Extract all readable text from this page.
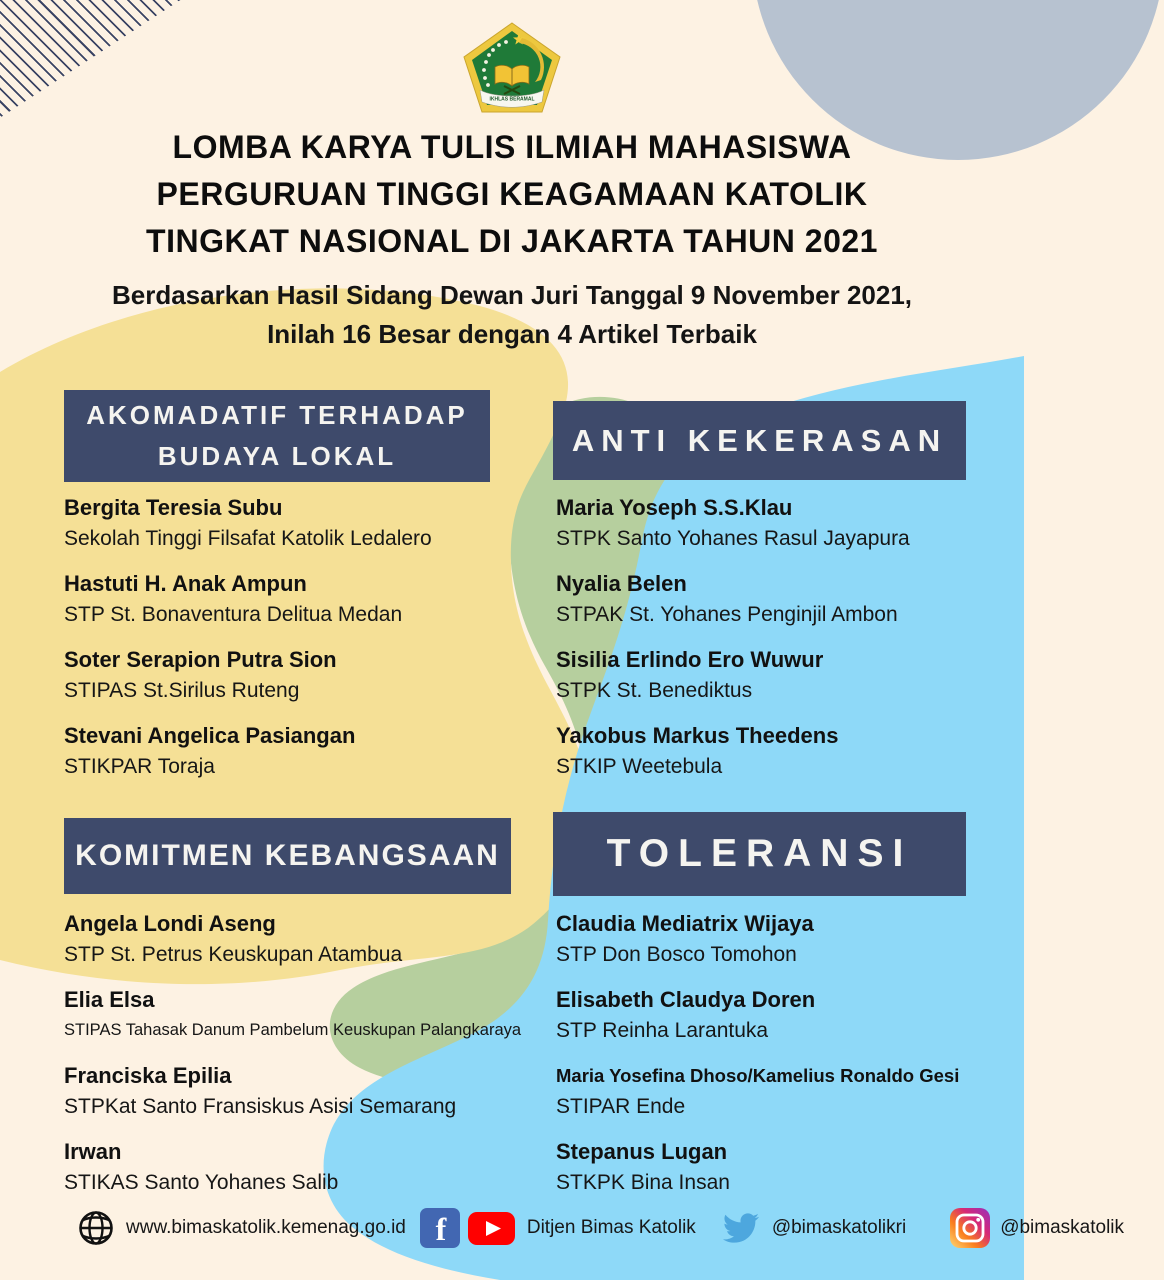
IKHLAS BERAMAL
LOMBA KARYA TULIS ILMIAH MAHASISWA
PERGURUAN TINGGI KEAGAMAAN KATOLIK
TINGKAT NASIONAL DI JAKARTA TAHUN 2021
Berdasarkan Hasil Sidang Dewan Juri Tanggal 9 November 2021,
Inilah 16 Besar dengan 4 Artikel Terbaik
AKOMADATIF TERHADAP
BUDAYA LOKAL	ANTI KEKERASAN
KOMITMEN KEBANGSAAN	TOLERANSI
Bergita Teresia Subu
Sekolah Tinggi Filsafat Katolik Ledalero
Hastuti H. Anak Ampun
STP St. Bonaventura Delitua Medan
Soter Serapion Putra Sion
STIPAS St.Sirilus Ruteng
Stevani Angelica Pasiangan
STIKPAR Toraja
Maria Yoseph S.S.Klau
STPK Santo Yohanes Rasul Jayapura
Nyalia Belen
STPAK St. Yohanes Penginjil Ambon
Sisilia Erlindo Ero Wuwur
STPK St. Benediktus
Yakobus Markus Theedens
STKIP Weetebula
Angela Londi Aseng
STP St. Petrus Keuskupan Atambua
Elia Elsa
STIPAS Tahasak Danum Pambelum Keuskupan Palangkaraya
Franciska Epilia
STPKat Santo Fransiskus Asisi Semarang
Irwan
STIKAS Santo Yohanes Salib
Claudia Mediatrix Wijaya
STP Don Bosco Tomohon
Elisabeth Claudya Doren
STP Reinha Larantuka
Maria Yosefina Dhoso/Kamelius Ronaldo Gesi
STIPAR Ende
Stepanus Lugan
STKPK Bina Insan
www.bimaskatolik.kemenag.go.id f	Ditjen Bimas Katolik	@bimaskatolikri	@bimaskatolik
